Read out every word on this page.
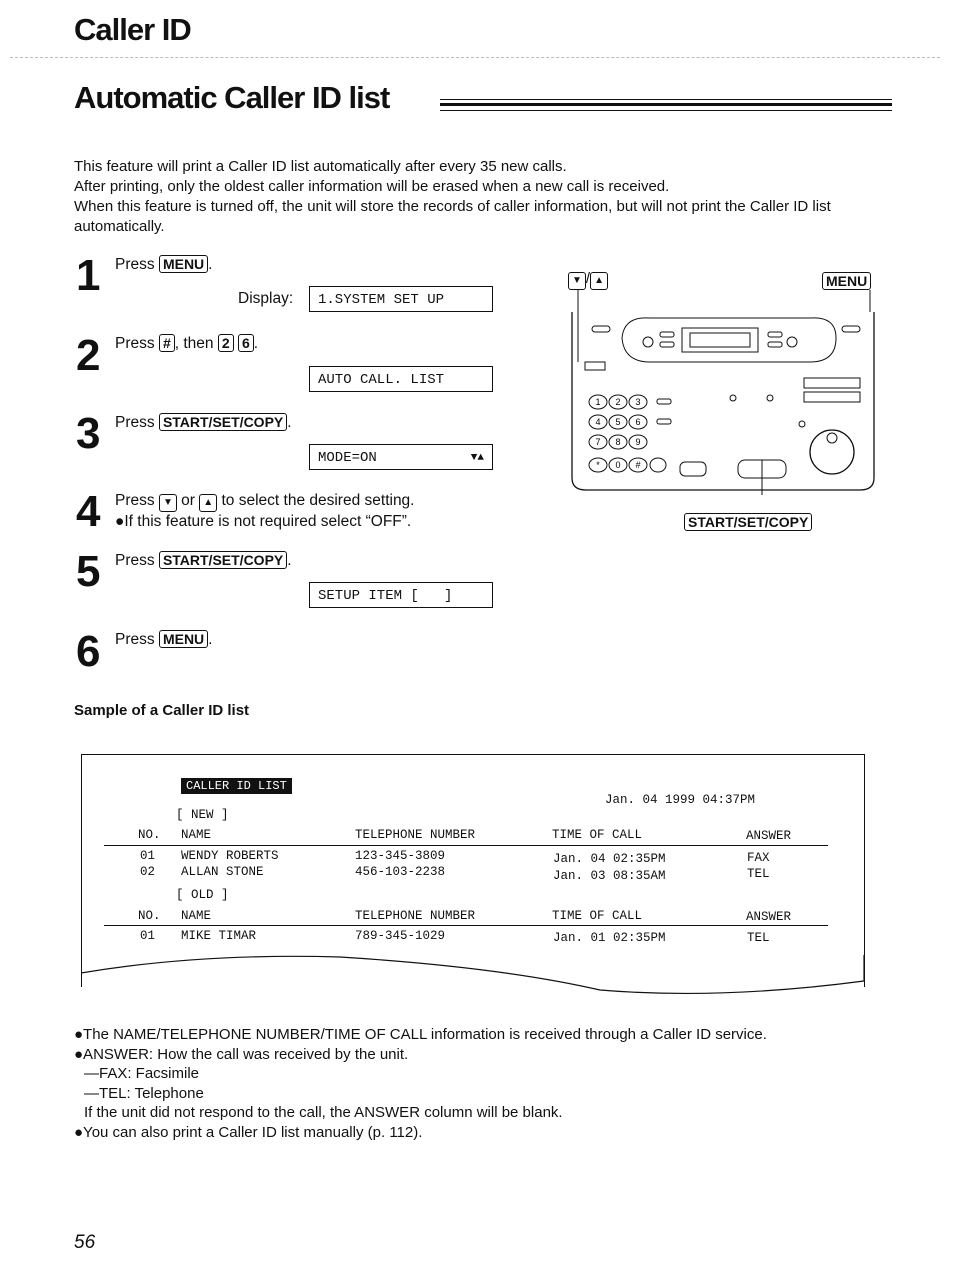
Caller ID
Automatic Caller ID list

This feature will print a Caller ID list automatically after every 35 new calls.

After printing, only the oldest caller information will be erased when a new call is received.

When this feature is turned off, the unit will store the records of caller information, but will not print the Caller ID list automatically.

1 Press MENU .
Display:	1.SYSTEM SET UP
2 Press # , then 2 6 .
AUTO CALL. LIST
3 Press START/SET/COPY .
MODE=ON	▼▲
4 Press ▼ or ▲ to select the desired setting.
●If this feature is not required select “OFF”.
5 Press START/SET/COPY .
SETUP ITEM [   ]
6 Press MENU .
▼ / ▲	MENU
1 2 3
4 5 6
7 8 9
* 0 #
START/SET/COPY
Sample of a Caller ID list
CALLER ID LIST
Jan. 04 1999 04:37PM
[ NEW ]
NO. NAME	TELEPHONE NUMBER	TIME OF CALL	ANSWER
01 WENDY ROBERTS	123-345-3809	Jan. 04 02:35PM	FAX
02 ALLAN STONE	456-103-2238	Jan. 03 08:35AM	TEL
[ OLD ]
NO. NAME	TELEPHONE NUMBER	TIME OF CALL	ANSWER
01 MIKE TIMAR	789-345-1029	Jan. 01 02:35PM	TEL

●The NAME/TELEPHONE NUMBER/TIME OF CALL information is received through a Caller ID service.

●ANSWER: How the call was received by the unit.

—FAX: Facsimile

—TEL: Telephone

If the unit did not respond to the call, the ANSWER column will be blank.

●You can also print a Caller ID list manually (p. 112).

56
